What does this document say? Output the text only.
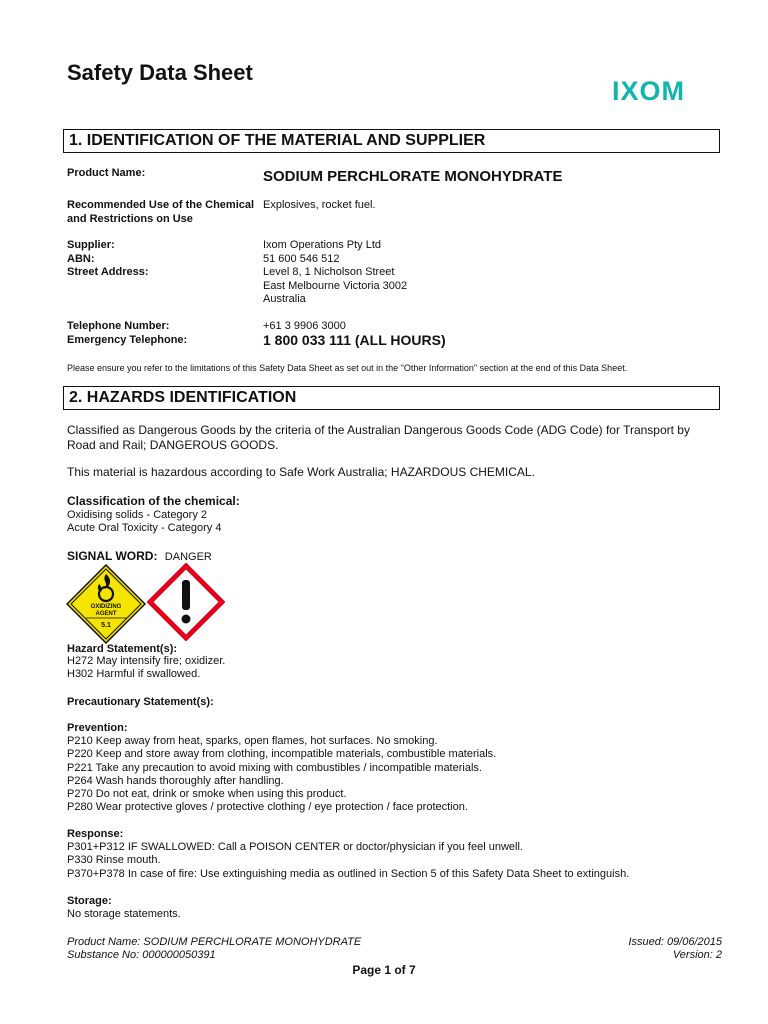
Safety Data Sheet
IXOM
1. IDENTIFICATION OF THE MATERIAL AND SUPPLIER
Product Name:	SODIUM PERCHLORATE MONOHYDRATE
Recommended Use of the Chemical
and Restrictions on Use
Explosives, rocket fuel.
Supplier:
ABN:
Street Address:
Ixom Operations Pty Ltd
51 600 546 512
Level 8, 1 Nicholson Street
East Melbourne Victoria 3002
Australia
Telephone Number:
Emergency Telephone:
+61 3 9906 3000
1 800 033 111 (ALL HOURS)
Please ensure you refer to the limitations of this Safety Data Sheet as set out in the "Other Information" section at the end of this Data Sheet.
2. HAZARDS IDENTIFICATION
Classified as Dangerous Goods by the criteria of the Australian Dangerous Goods Code (ADG Code) for Transport by
Road and Rail; DANGEROUS GOODS.
This material is hazardous according to Safe Work Australia; HAZARDOUS CHEMICAL.
Classification of the chemical:
Oxidising solids - Category 2
Acute Oral Toxicity - Category 4
SIGNAL WORD: DANGER
OXIDIZING
AGENT
5.1
Hazard Statement(s):
H272 May intensify fire; oxidizer.
H302 Harmful if swallowed.
Precautionary Statement(s):
Prevention:
P210 Keep away from heat, sparks, open flames, hot surfaces. No smoking.
P220 Keep and store away from clothing, incompatible materials, combustible materials.
P221 Take any precaution to avoid mixing with combustibles / incompatible materials.
P264 Wash hands thoroughly after handling.
P270 Do not eat, drink or smoke when using this product.
P280 Wear protective gloves / protective clothing / eye protection / face protection.
Response:
P301+P312 IF SWALLOWED: Call a POISON CENTER or doctor/physician if you feel unwell.
P330 Rinse mouth.
P370+P378 In case of fire: Use extinguishing media as outlined in Section 5 of this Safety Data Sheet to extinguish.
Storage:
No storage statements.
Product Name: SODIUM PERCHLORATE MONOHYDRATE
Substance No: 000000050391
Issued: 09/06/2015
Version: 2
Page 1 of 7
